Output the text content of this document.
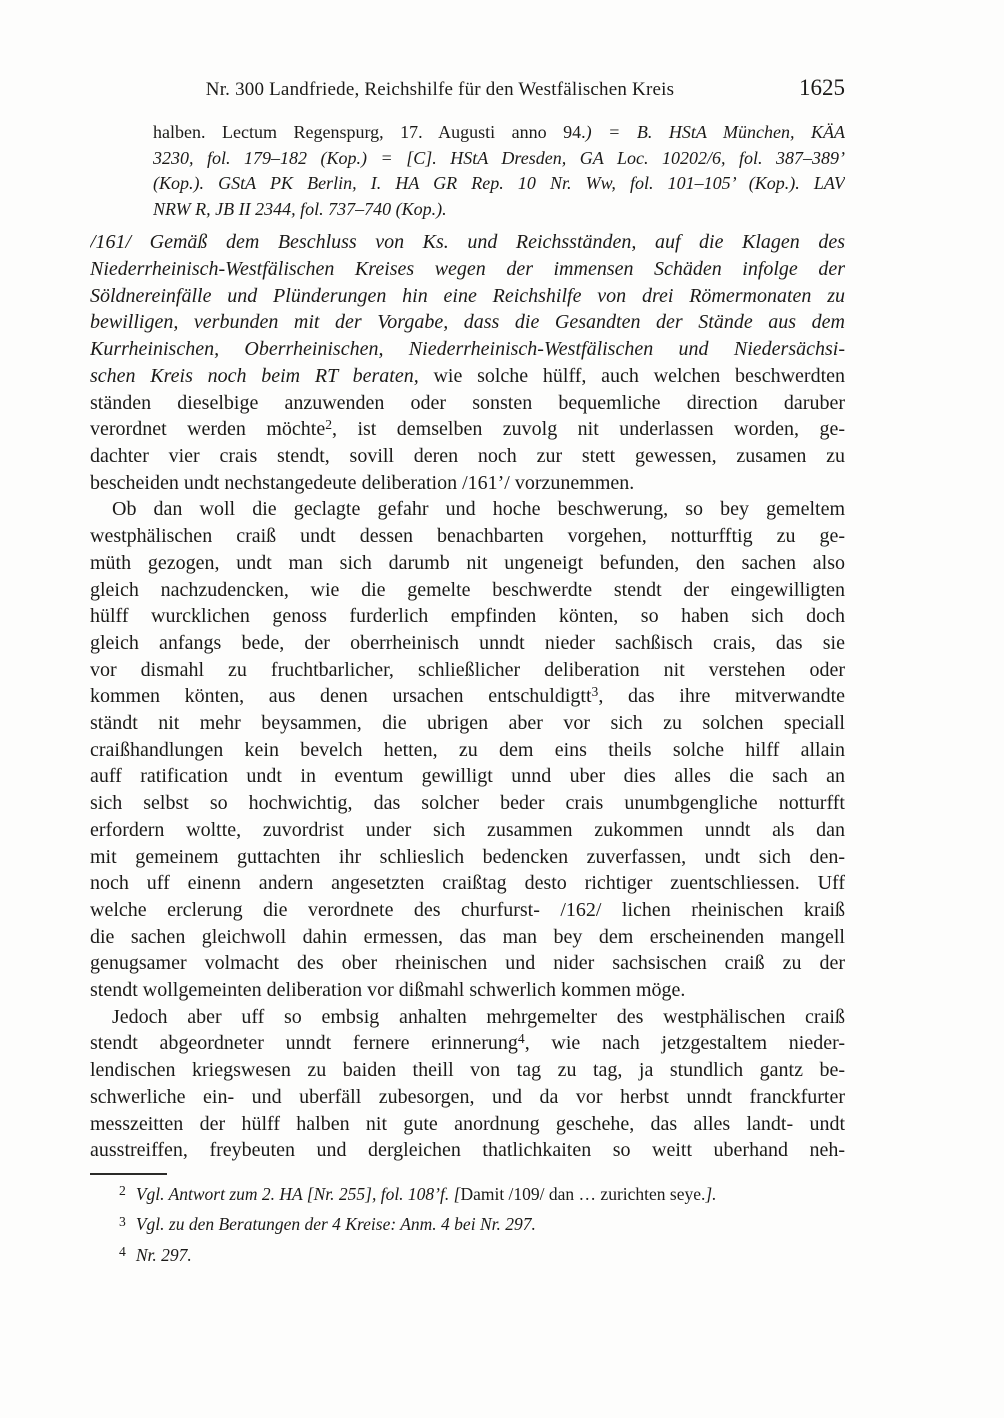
Nr. 300 Landfriede, Reichshilfe für den Westfälischen Kreis	1625
halben. Lectum Regenspurg, 17. Augusti anno 94.) = B. HStA München, KÄA
3230, fol. 179–182 (Kop.) = [C]. HStA Dresden, GA Loc. 10202/6, fol. 387–389’
(Kop.). GStA PK Berlin, I. HA GR Rep. 10 Nr. Ww, fol. 101–105’ (Kop.). LAV
NRW R, JB II 2344, fol. 737–740 (Kop.).
/161/ Gemäß dem Beschluss von Ks. und Reichsständen, auf die Klagen des
Niederrheinisch-Westfälischen Kreises wegen der immensen Schäden infolge der
Söldnereinfälle und Plünderungen hin eine Reichshilfe von drei Römermonaten zu
bewilligen, verbunden mit der Vorgabe, dass die Gesandten der Stände aus dem
Kurrheinischen, Oberrheinischen, Niederrheinisch-Westfälischen und Niedersächsi-
schen Kreis noch beim RT beraten, wie solche hülff, auch welchen beschwerdten
ständen dieselbige anzuwenden oder sonsten bequemliche direction daruber
verordnet werden möchte$^2$, ist demselben zuvolg nit underlassen worden, ge-
dachter vier crais stendt, sovill deren noch zur stett gewessen, zusamen zu
bescheiden undt nechstangedeute deliberation /161’/ vorzunemmen.
Ob dan woll die geclagte gefahr und hoche beschwerung, so bey gemeltem
westphälischen craiß undt dessen benachbarten vorgehen, notturfftig zu ge-
müth gezogen, undt man sich darumb nit ungeneigt befunden, den sachen also
gleich nachzudencken, wie die gemelte beschwerdte stendt der eingewilligten
hülff wurcklichen genoss furderlich empfinden könten, so haben sich doch
gleich anfangs bede, der oberrheinisch unndt nieder sachßisch crais, das sie
vor dismahl zu fruchtbarlicher, schließlicher deliberation nit verstehen oder
kommen könten, aus denen ursachen entschuldigtt$^3$, das ihre mitverwandte
ständt nit mehr beysammen, die ubrigen aber vor sich zu solchen speciall
craißhandlungen kein bevelch hetten, zu dem eins theils solche hilff allain
auff ratification undt in eventum gewilligt unnd uber dies alles die sach an
sich selbst so hochwichtig, das solcher beder crais unumbgengliche notturfft
erfordern woltte, zuvordrist under sich zusammen zukommen unndt als dan
mit gemeinem guttachten ihr schlieslich bedencken zuverfassen, undt sich den-
noch uff einenn andern angesetzten craißtag desto richtiger zuentschliessen. Uff
welche erclerung die verordnete des churfurst- /162/ lichen rheinischen kraiß
die sachen gleichwoll dahin ermessen, das man bey dem erscheinenden mangell
genugsamer volmacht des ober rheinischen und nider sachsischen craiß zu der
stendt wollgemeinten deliberation vor dißmahl schwerlich kommen möge.
Jedoch aber uff so embsig anhalten mehrgemelter des westphälischen craiß
stendt abgeordneter unndt fernere erinnerung$^4$, wie nach jetzgestaltem nieder-
lendischen kriegswesen zu baiden theill von tag zu tag, ja stundlich gantz be-
schwerliche ein- und uberfäll zubesorgen, und da vor herbst unndt franckfurter
messzeitten der hülff halben nit gute anordnung geschehe, das alles landt- undt
ausstreiffen, freybeuten und dergleichen thatlichkaiten so weitt uberhand neh-
$^2$ Vgl. Antwort zum 2. HA [Nr. 255], fol. 108’f. [Damit /109/ dan … zurichten seye.].
$^3$ Vgl. zu den Beratungen der 4 Kreise: Anm. 4 bei Nr. 297.
$^4$ Nr. 297.
